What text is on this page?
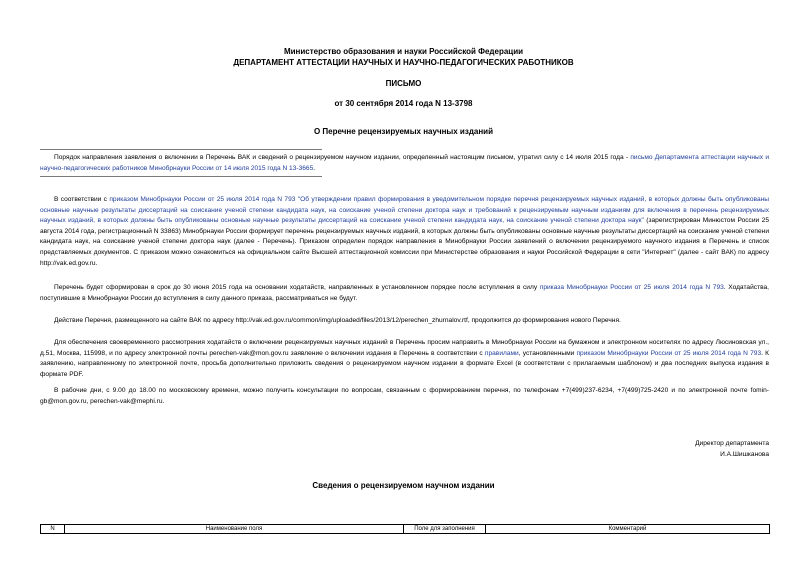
Министерство образования и науки Российской Федерации
ДЕПАРТАМЕНТ АТТЕСТАЦИИ НАУЧНЫХ И НАУЧНО-ПЕДАГОГИЧЕСКИХ РАБОТНИКОВ
ПИСЬМО
от 30 сентября 2014 года N 13-3798
О Перечне рецензируемых научных изданий
Порядок направления заявления о включении в Перечень ВАК и сведений о рецензируемом научном издании, определенный настоящим письмом, утратил силу с 14 июля 2015 года - письмо Департамента аттестации научных и научно-педагогических работников Минобрнауки России от 14 июля 2015 года N 13-3665.
В соответствии с приказом Минобрнауки России от 25 июля 2014 года N 793 "Об утверждении правил формирования в уведомительном порядке перечня рецензируемых научных изданий, в которых должны быть опубликованы основные научные результаты диссертаций на соискание ученой степени кандидата наук, на соискание ученой степени доктора наук и требований к рецензируемым научным изданиям для включения в перечень рецензируемых научных изданий, в которых должны быть опубликованы основные научные результаты диссертаций на соискание ученой степени кандидата наук, на соискание ученой степени доктора наук" (зарегистрирован Минюстом России 25 августа 2014 года, регистрационный N 33863) Минобрнауки России формирует перечень рецензируемых научных изданий, в которых должны быть опубликованы основные научные результаты диссертаций на соискание ученой степени кандидата наук, на соискание ученой степени доктора наук (далее - Перечень). Приказом определен порядок направления в Минобрнауки России заявлений о включении рецензируемого научного издания в Перечень и список представляемых документов. С приказом можно ознакомиться на официальном сайте Высшей аттестационной комиссии при Министерстве образования и науки Российской Федерации в сети "Интернет" (далее - сайт ВАК) по адресу http://vak.ed.gov.ru.
Перечень будет сформирован в срок до 30 июня 2015 года на основании ходатайств, направленных в установленном порядке после вступления в силу приказа Минобрнауки России от 25 июля 2014 года N 793. Ходатайства, поступившие в Минобрнауки России до вступления в силу данного приказа, рассматриваться не будут.
Действие Перечня, размещенного на сайте ВАК по адресу http://vak.ed.gov.ru/common/img/uploaded/files/2013/12/perechen_zhurnalov.rtf, продолжится до формирования нового Перечня.
Для обеспечения своевременного рассмотрения ходатайств о включении рецензируемых научных изданий в Перечень просим направить в Минобрнауки России на бумажном и электронном носителях по адресу Люсиновская ул., д.51, Москва, 115998, и по адресу электронной почты perechen-vak@mon.gov.ru заявление о включении издания в Перечень в соответствии с правилами, установленными приказом Минобрнауки России от 25 июля 2014 года N 793. К заявлению, направленному по электронной почте, просьба дополнительно приложить сведения о рецензируемом научном издании в формате Excel (в соответствии с прилагаемым шаблоном) и два последних выпуска издания в формате PDF.
В рабочие дни, с 9.00 до 18.00 по московскому времени, можно получить консультации по вопросам, связанным с формированием перечня, по телефонам +7(499)237-6234, +7(499)725-2420 и по электронной почте fomin-gb@mon.gov.ru, perechen-vak@mephi.ru.
Директор департамента
И.А.Шишканова
Сведения о рецензируемом научном издании
N	Наименование поля	Поле для заполнения	Комментарий
